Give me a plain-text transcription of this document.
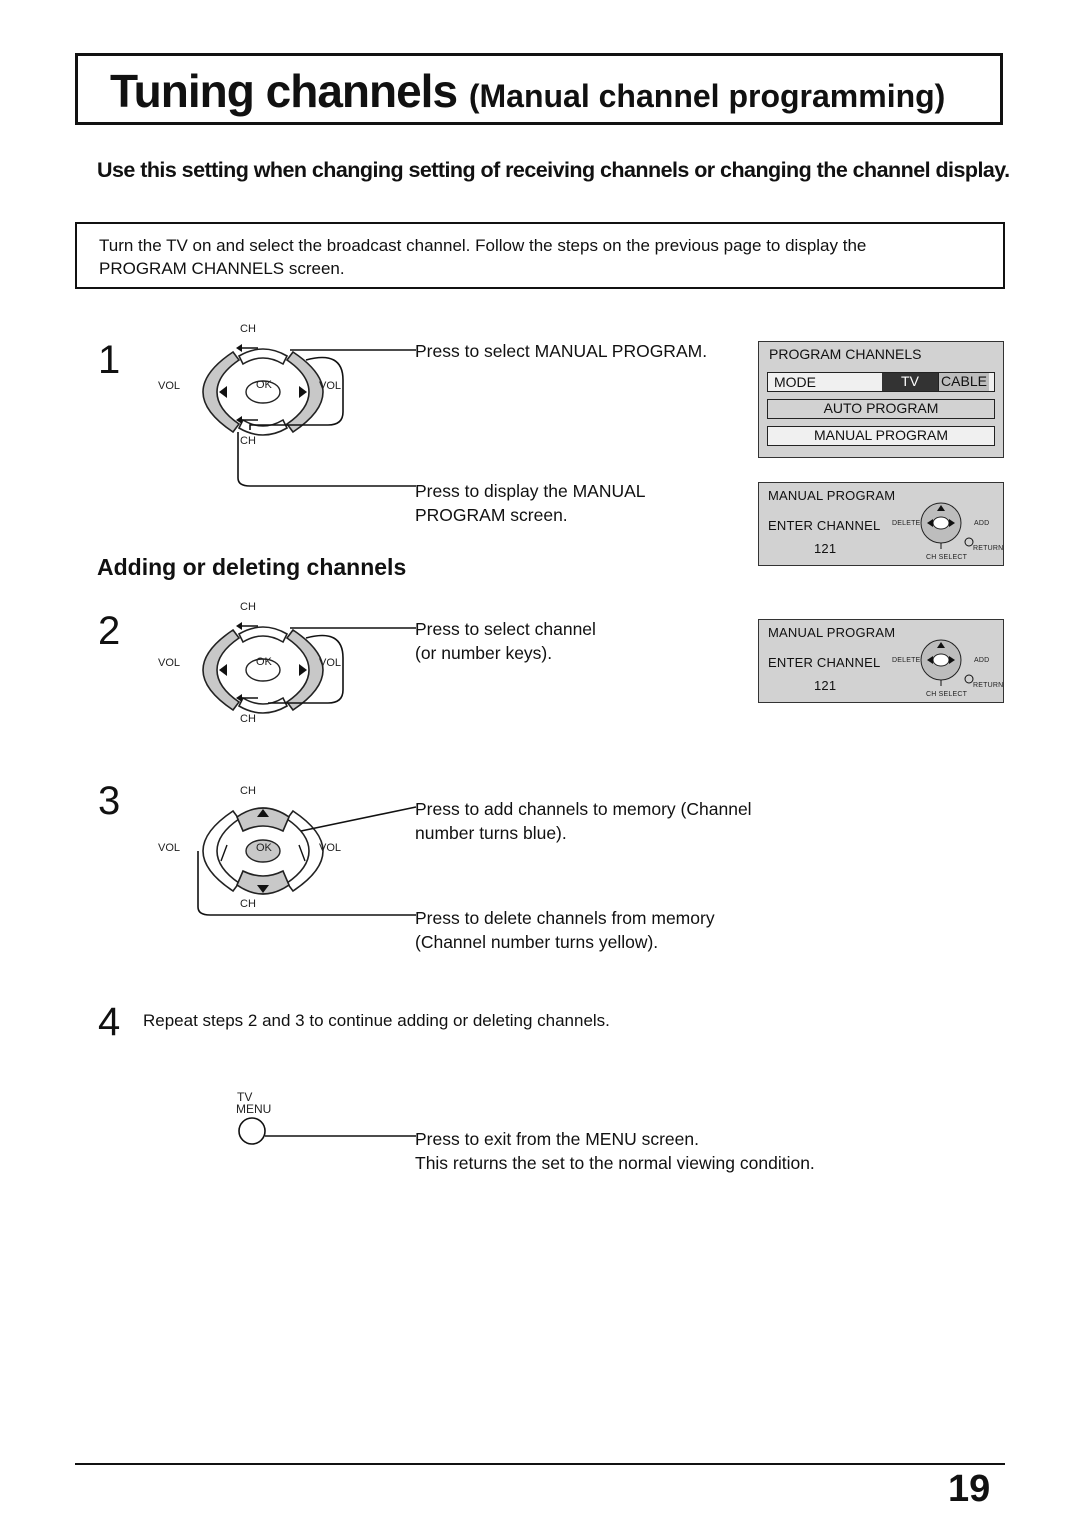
Tuning channels (Manual channel programming)
Use this setting when changing setting of receiving channels or changing the channel display.
Turn the TV on and select the broadcast channel. Follow the steps on the previous page to display the
PROGRAM CHANNELS screen.
1
CH
VOL	VOL
OK
CH
Press to select MANUAL PROGRAM.
Press to display the MANUAL
PROGRAM screen.
PROGRAM CHANNELS
MODE	TV	CABLE
AUTO PROGRAM
MANUAL PROGRAM
MANUAL PROGRAM
ENTER CHANNEL
121
DELETE	ADD
RETURN
CH SELECT
Adding or deleting channels
2
CH
VOL	VOL
OK
CH
Press to select channel
(or number keys).
MANUAL PROGRAM
ENTER CHANNEL
121
DELETE	ADD
RETURN
CH SELECT
3	CH
VOL	VOL
OK
CH
Press to add channels to memory (Channel
number turns blue).
Press to delete channels from memory
(Channel number turns yellow).
4 Repeat steps 2 and 3 to continue adding or deleting channels.
TV
MENU
Press to exit from the MENU screen.
This returns the set to the normal viewing condition.
19
